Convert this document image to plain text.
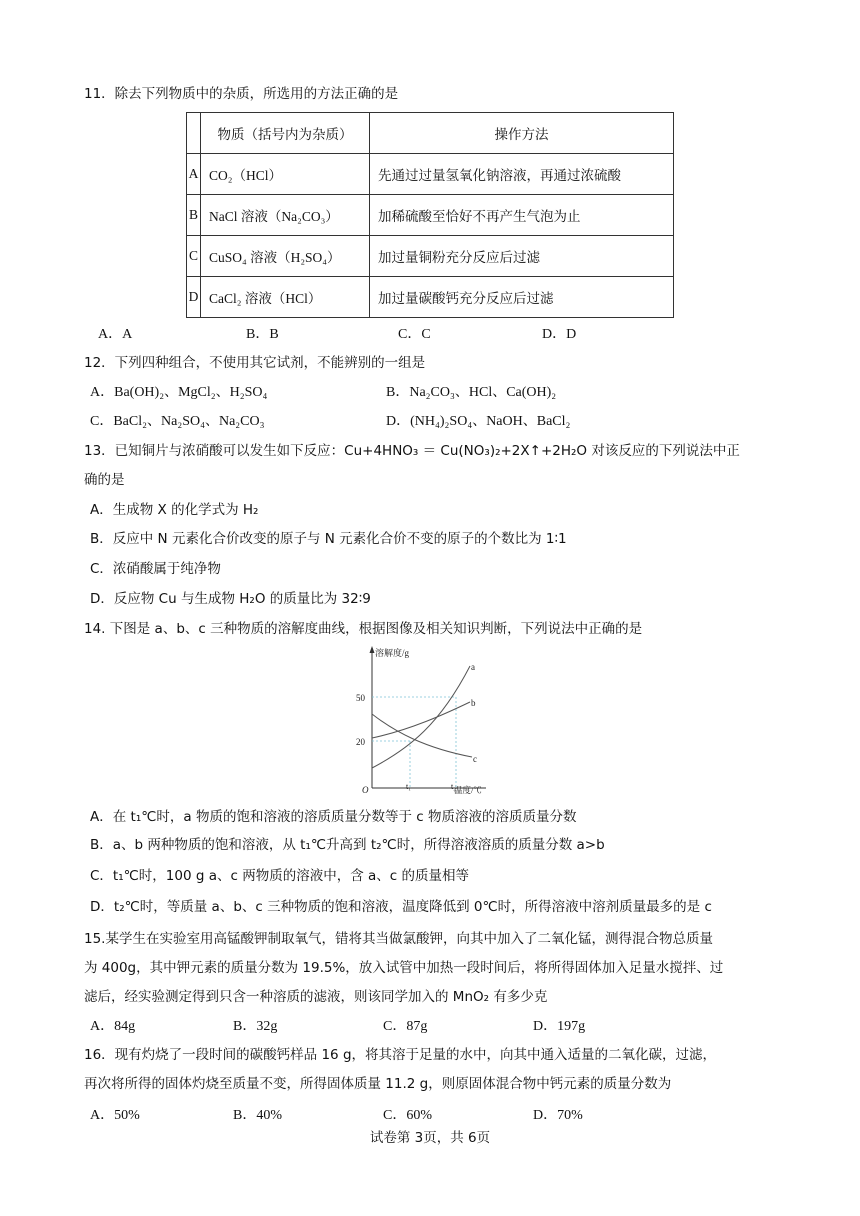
11．除去下列物质中的杂质，所选用的方法正确的是
	物质（括号内为杂质）	操作方法
A	CO₂（HCl）	先通过过量氢氧化钠溶液，再通过浓硫酸
B	NaCl 溶液（Na₂CO₃）	加稀硫酸至恰好不再产生气泡为止
C	CuSO₄ 溶液（H₂SO₄）	加过量铜粉充分反应后过滤
D	CaCl₂ 溶液（HCl）	加过量碳酸钙充分反应后过滤
A．A	B．B	C．C	D．D
12．下列四种组合，不使用其它试剂，不能辨别的一组是
A．Ba(OH)₂、MgCl₂、H₂SO₄	B．Na₂CO₃、HCl、Ca(OH)₂
C．BaCl₂、Na₂SO₄、Na₂CO₃	D．(NH₄)₂SO₄、NaOH、BaCl₂
13．已知铜片与浓硝酸可以发生如下反应：Cu+4HNO₃ ＝ Cu(NO₃)₂+2X↑+2H₂O 对该反应的下列说法中正
确的是
A．生成物 X 的化学式为 H₂
B．反应中 N 元素化合价改变的原子与 N 元素化合价不变的原子的个数比为 1∶1
C．浓硝酸属于纯净物
D．反应物 Cu 与生成物 H₂O 的质量比为 32∶9
14. 下图是 a、b、c 三种物质的溶解度曲线，根据图像及相关知识判断，下列说法中正确的是
溶解度/g
温度/℃
O
50
20
t₁	t₂
a
b
c
A．在 t₁℃时，a 物质的饱和溶液的溶质质量分数等于 c 物质溶液的溶质质量分数
B．a、b 两种物质的饱和溶液，从 t₁℃升高到 t₂℃时，所得溶液溶质的质量分数 a>b
C．t₁℃时，100 g a、c 两物质的溶液中，含 a、c 的质量相等
D．t₂℃时，等质量 a、b、c 三种物质的饱和溶液，温度降低到 0℃时，所得溶液中溶剂质量最多的是 c
15.某学生在实验室用高锰酸钾制取氧气，错将其当做氯酸钾，向其中加入了二氧化锰，测得混合物总质量
为 400g，其中钾元素的质量分数为 19.5%，放入试管中加热一段时间后，将所得固体加入足量水搅拌、过
滤后，经实验测定得到只含一种溶质的滤液，则该同学加入的 MnO₂ 有多少克
A．84g	B．32g	C．87g	D．197g
16．现有灼烧了一段时间的碳酸钙样品 16 g，将其溶于足量的水中，向其中通入适量的二氧化碳，过滤，
再次将所得的固体灼烧至质量不变，所得固体质量 11.2 g，则原固体混合物中钙元素的质量分数为
A．50%	B．40%	C．60%	D．70%
试卷第 3页，共 6页
